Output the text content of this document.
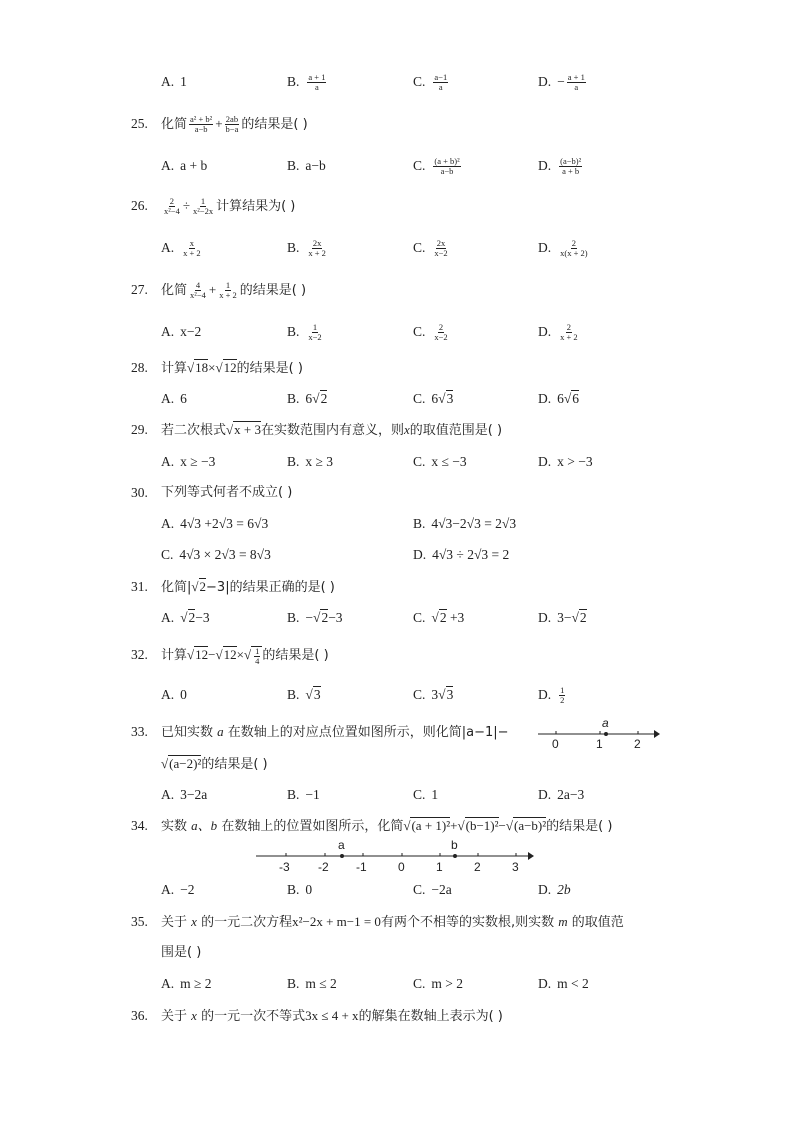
A. 1	B. $\frac{a + 1}{a}$	C. $\frac{a-1}{a}$	D. − $\frac{a + 1}{a}$
25. 化简 $\frac{\text{a² + b²}}{a-b} + \frac{2ab}{b-a}$ 的结果是( )
A. a + b	B. a−b	C. $\frac{\text{(a + b)²}}{a-b}$	D. $\frac{\text{(a−b)²}}{a + b}$
26. $\frac{2}{\text{x²−4}} \div \frac{1}{\text{x²−2x}}$ 计算结果为( )
A. $\frac{x}{x + 2}$	B. $\frac{2x}{x + 2}$	C. $\frac{2x}{x-2}$	D. $\frac{2}{x(x + 2)}$
27. 化简 $\frac{4}{\text{x²−4}} + \frac{1}{x + 2}$ 的结果是( )
A. x−2	B. $\frac{1}{x-2}$	C. $\frac{2}{x-2}$	D. $\frac{2}{x + 2}$
28. 计算√18×√12的结果是( )
A. 6	B. 6√2	C. 6√3	D. 6√6
29. 若二次根式√x + 3在实数范围内有意义，则x的取值范围是( )
A. x ≥ −3	B. x ≥ 3	C. x ≤ −3	D. x > −3
30. 下列等式何者不成立( )
A. 4√3 +2√3 = 6√3	B. 4√3−2√3 = 2√3
C. 4√3 × 2√3 = 8√3	D. 4√3 ÷ 2√3 = 2
31. 化简|√2−3|的结果正确的是( )
A. √2−3	B. −√2−3	C. √2 +3	D. 3−√2
32. 计算$√12-√12\times√ \frac{1}{4}$ 的结果是( )
A. 0	B. √3	C. 3√3	D. $\frac{1}{2}$
33. 已知实数 a 在数轴上的对应点位置如图所示，则化简|a−1|−
a
0	1	2
√(a−2)²的结果是( )
A. 3−2a	B. −1	C. 1	D. 2a−3
34. 实数 a、b 在数轴上的位置如图所示，化简√(a + 1)²+√(b−1)²−√(a−b)²的结果是( )
a	b
-3 -2 -1	0	1	2	3
A. −2	B. 0	C. −2a	D. 2b
35. 关于 x 的一元二次方程x²−2x + m−1 = 0有两个不相等的实数根,则实数 m 的取值范
围是( )
A. m ≥ 2	B. m ≤ 2	C. m > 2	D. m < 2
36. 关于 x 的一元一次不等式3x ≤ 4 + x的解集在数轴上表示为( )
